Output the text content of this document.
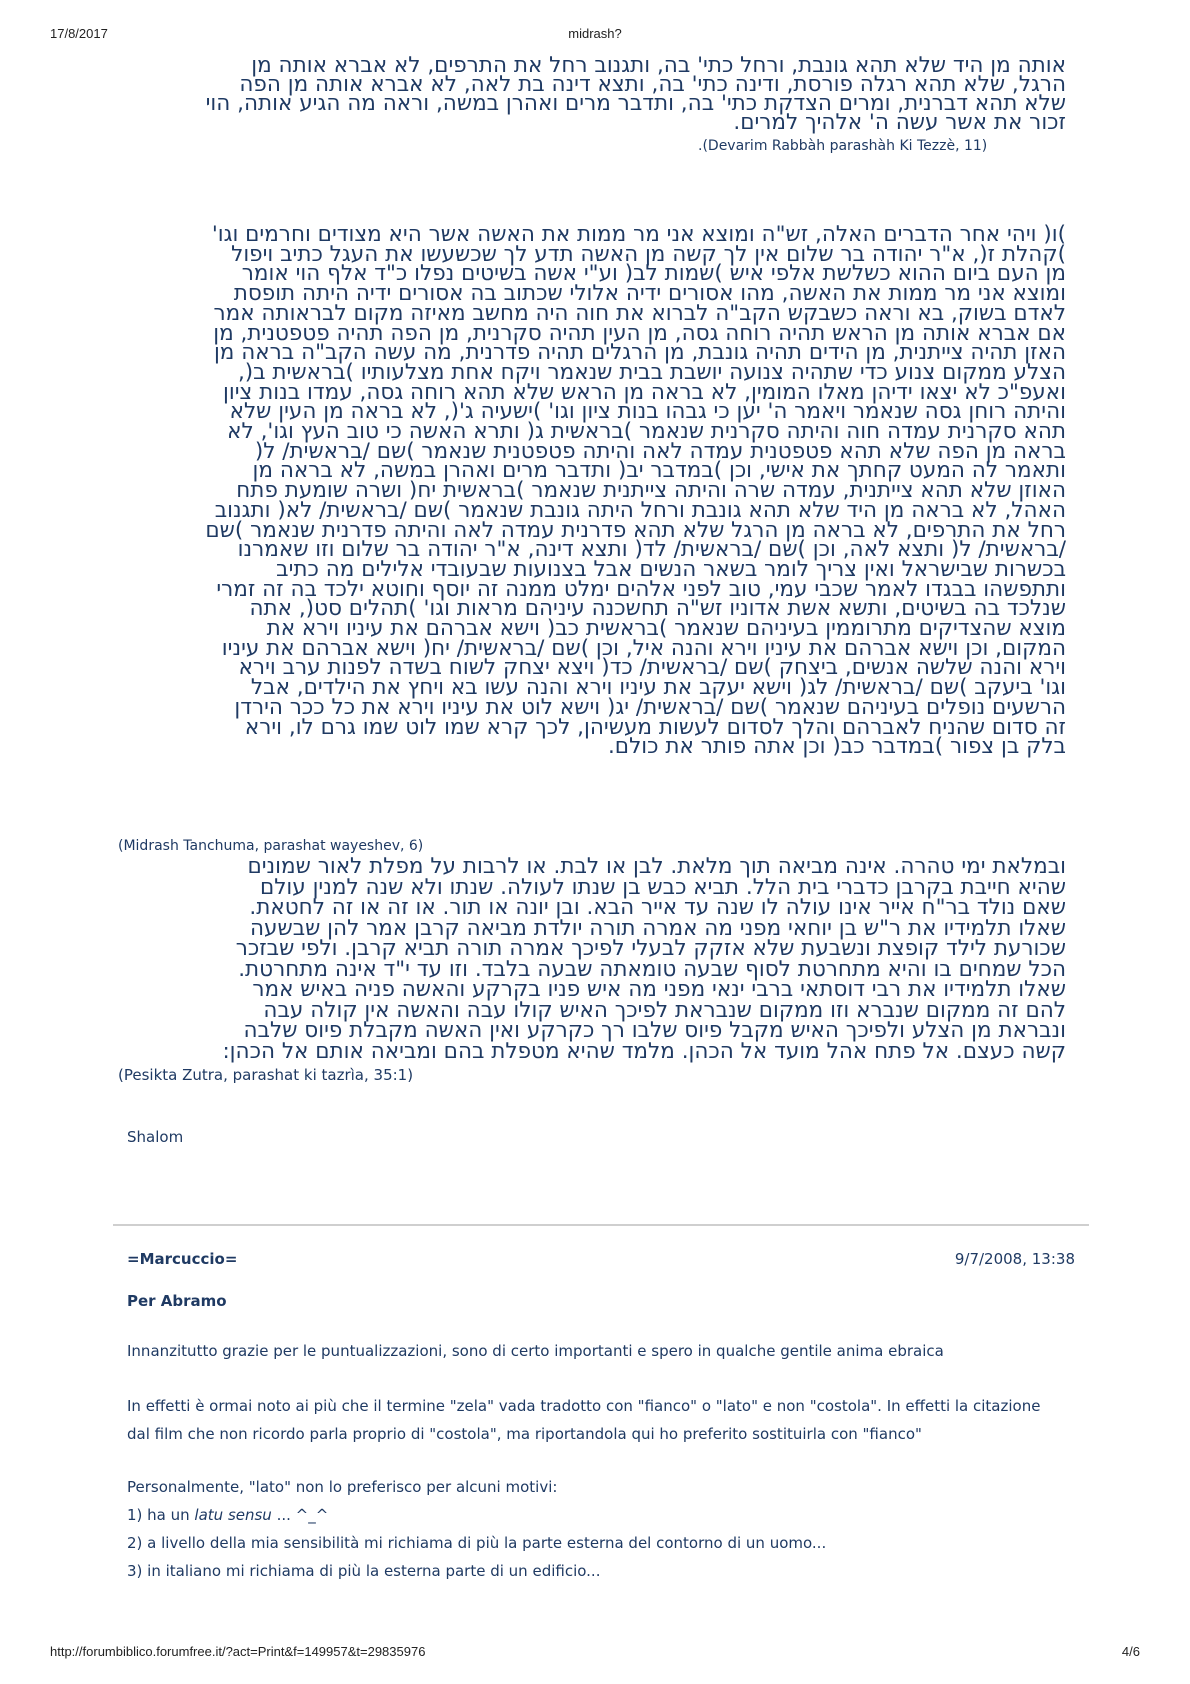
midrash?
17/8/2017
http://forumbiblico.forumfree.it/?act=Print&f=149957&t=29835976	4/6
אותה מן היד שלא תהא גונבת, ורחל כתי' בה, ותגנוב רחל את התרפים, לא אברא אותה מן
הרגל, שלא תהא רגלה פורסת, ודינה כתי' בה, ותצא דינה בת לאה, לא אברא אותה מן הפה
שלא תהא דברנית, ומרים הצדקת כתי' בה, ותדבר מרים ואהרן במשה, וראה מה הגיע אותה, הוי
זכור את אשר עשה ה' אלהיך למרים.
.(Devarim Rabbàh parashàh Ki Tezzè, 11)
)ו( ויהי אחר הדברים האלה, זש"ה ומוצא אני מר ממות את האשה אשר היא מצודים וחרמים וגו'
)קהלת ז(, א"ר יהודה בר שלום אין לך קשה מן האשה תדע לך שכשעשו את העגל כתיב ויפול
מן העם ביום ההוא כשלשת אלפי איש )שמות לב( וע"י אשה בשיטים נפלו כ"ד אלף הוי אומר
ומוצא אני מר ממות את האשה, מהו אסורים ידיה אלולי שכתוב בה אסורים ידיה היתה תופסת
לאדם בשוק, בא וראה כשבקש הקב"ה לברוא את חוה היה מחשב מאיזה מקום לבראותה אמר
אם אברא אותה מן הראש תהיה רוחה גסה, מן העין תהיה סקרנית, מן הפה תהיה פטפטנית, מן
האזן תהיה צייתנית, מן הידים תהיה גונבת, מן הרגלים תהיה פדרנית, מה עשה הקב"ה בראה מן
הצלע ממקום צנוע כדי שתהיה צנועה יושבת בבית שנאמר ויקח אחת מצלעותיו )בראשית ב(,
ואעפ"כ לא יצאו ידיהן מאלו המומין, לא בראה מן הראש שלא תהא רוחה גסה, עמדו בנות ציון
והיתה רוחן גסה שנאמר ויאמר ה' יען כי גבהו בנות ציון וגו' )ישעיה ג'(, לא בראה מן העין שלא
תהא סקרנית עמדה חוה והיתה סקרנית שנאמר )בראשית ג( ותרא האשה כי טוב העץ וגו', לא
בראה מן הפה שלא תהא פטפטנית עמדה לאה והיתה פטפטנית שנאמר )שם /בראשית/ ל(
ותאמר לה המעט קחתך את אישי, וכן )במדבר יב( ותדבר מרים ואהרן במשה, לא בראה מן
האוזן שלא תהא צייתנית, עמדה שרה והיתה צייתנית שנאמר )בראשית יח( ושרה שומעת פתח
האהל, לא בראה מן היד שלא תהא גונבת ורחל היתה גונבת שנאמר )שם /בראשית/ לא( ותגנוב
רחל את התרפים, לא בראה מן הרגל שלא תהא פדרנית עמדה לאה והיתה פדרנית שנאמר )שם
/בראשית/ ל( ותצא לאה, וכן )שם /בראשית/ לד( ותצא דינה, א"ר יהודה בר שלום וזו שאמרנו
בכשרות שבישראל ואין צריך לומר בשאר הנשים אבל בצנועות שבעובדי אלילים מה כתיב
ותתפשהו בבגדו לאמר שכבי עמי, טוב לפני אלהים ימלט ממנה זה יוסף וחוטא ילכד בה זה זמרי
שנלכד בה בשיטים, ותשא אשת אדוניו זש"ה תחשכנה עיניהם מראות וגו' )תהלים סט(, אתה
מוצא שהצדיקים מתרוממין בעיניהם שנאמר )בראשית כב( וישא אברהם את עיניו וירא את
המקום, וכן וישא אברהם את עיניו וירא והנה איל, וכן )שם /בראשית/ יח( וישא אברהם את עיניו
וירא והנה שלשה אנשים, ביצחק )שם /בראשית/ כד( ויצא יצחק לשוח בשדה לפנות ערב וירא
וגו' ביעקב )שם /בראשית/ לג( וישא יעקב את עיניו וירא והנה עשו בא ויחץ את הילדים, אבל
הרשעים נופלים בעיניהם שנאמר )שם /בראשית/ יג( וישא לוט את עיניו וירא את כל ככר הירדן
זה סדום שהניח לאברהם והלך לסדום לעשות מעשיהן, לכך קרא שמו לוט שמו גרם לו, וירא
בלק בן צפור )במדבר כב( וכן אתה פותר את כולם.
(Midrash Tanchuma, parashat wayeshev, 6)
ובמלאת ימי טהרה. אינה מביאה תוך מלאת. לבן או לבת. או לרבות על מפלת לאור שמונים
שהיא חייבת בקרבן כדברי בית הלל. תביא כבש בן שנתו לעולה. שנתו ולא שנה למנין עולם
שאם נולד בר"ח אייר אינו עולה לו שנה עד אייר הבא. ובן יונה או תור. או זה או זה לחטאת.
שאלו תלמידיו את ר"ש בן יוחאי מפני מה אמרה תורה יולדת מביאה קרבן אמר להן שבשעה
שכורעת לילד קופצת ונשבעת שלא אזקק לבעלי לפיכך אמרה תורה תביא קרבן. ולפי שבזכר
הכל שמחים בו והיא מתחרטת לסוף שבעה טומאתה שבעה בלבד. וזו עד י"ד אינה מתחרטת.
שאלו תלמידיו את רבי דוסתאי ברבי ינאי מפני מה איש פניו בקרקע והאשה פניה באיש אמר
להם זה ממקום שנברא וזו ממקום שנבראת לפיכך האיש קולו עבה והאשה אין קולה עבה
ונבראת מן הצלע ולפיכך האיש מקבל פיוס שלבו רך כקרקע ואין האשה מקבלת פיוס שלבה
קשה כעצם. אל פתח אהל מועד אל הכהן. מלמד שהיא מטפלת בהם ומביאה אותם אל הכהן:
(Pesikta Zutra, parashat ki tazrìa, 35:1)
Shalom
=Marcuccio=	9/7/2008, 13:38
Per Abramo
Innanzitutto grazie per le puntualizzazioni, sono di certo importanti e spero in qualche gentile anima ebraica
In effetti è ormai noto ai più che il termine "zela" vada tradotto con "fianco" o "lato" e non "costola". In effetti la citazione dal film che non ricordo parla proprio di "costola", ma riportandola qui ho preferito sostituirla con "fianco"
Personalmente, "lato" non lo preferisco per alcuni motivi:
1) ha un latu sensu ... ^_^
2) a livello della mia sensibilità mi richiama di più la parte esterna del contorno di un uomo...
3) in italiano mi richiama di più la esterna parte di un edificio...
